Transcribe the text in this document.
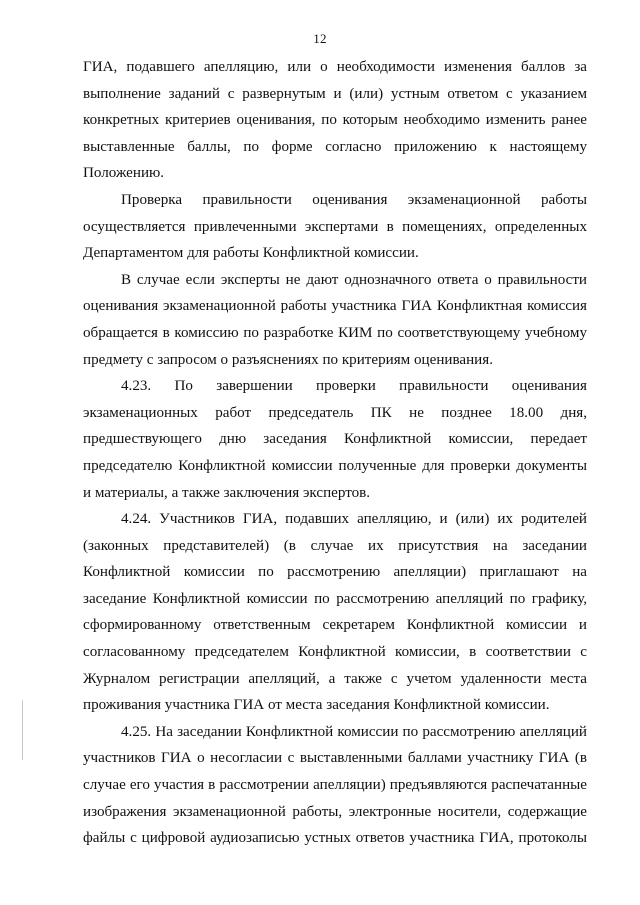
12
ГИА, подавшего апелляцию, или о необходимости изменения баллов за
выполнение заданий с развернутым и (или) устным ответом с указанием
конкретных критериев оценивания, по которым необходимо изменить ранее
выставленные баллы, по форме согласно приложению к настоящему
Положению.
Проверка правильности оценивания экзаменационной работы
осуществляется привлеченными экспертами в помещениях, определенных
Департаментом для работы Конфликтной комиссии.
В случае если эксперты не дают однозначного ответа о правильности
оценивания экзаменационной работы участника ГИА Конфликтная комиссия
обращается в комиссию по разработке КИМ по соответствующему учебному
предмету с запросом о разъяснениях по критериям оценивания.
4.23. По завершении проверки правильности оценивания
экзаменационных работ председатель ПК не позднее 18.00 дня,
предшествующего дню заседания Конфликтной комиссии, передает
председателю Конфликтной комиссии полученные для проверки документы
и материалы, а также заключения экспертов.
4.24. Участников ГИА, подавших апелляцию, и (или) их родителей
(законных представителей) (в случае их присутствия на заседании
Конфликтной комиссии по рассмотрению апелляции) приглашают на
заседание Конфликтной комиссии по рассмотрению апелляций по графику,
сформированному ответственным секретарем Конфликтной комиссии и
согласованному председателем Конфликтной комиссии, в соответствии с
Журналом регистрации апелляций, а также с учетом удаленности места
проживания участника ГИА от места заседания Конфликтной комиссии.
4.25. На заседании Конфликтной комиссии по рассмотрению апелляций
участников ГИА о несогласии с выставленными баллами участнику ГИА (в
случае его участия в рассмотрении апелляции) предъявляются распечатанные
изображения экзаменационной работы, электронные носители, содержащие
файлы с цифровой аудиозаписью устных ответов участника ГИА, протоколы
